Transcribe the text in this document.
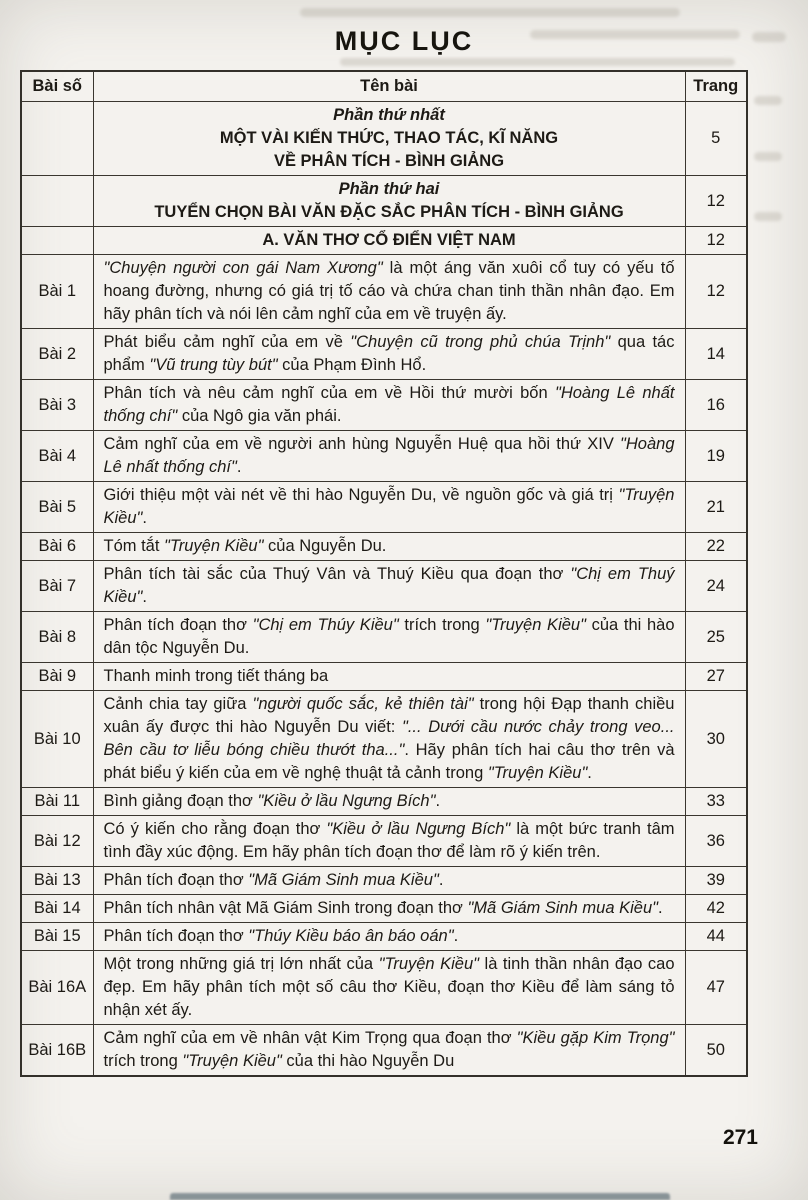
MỤC LỤC
Bài số	Tên bài	Trang

	Phần thứ nhất
MỘT VÀI KIẾN THỨC, THAO TÁC, KĨ NĂNG
VỀ PHÂN TÍCH - BÌNH GIẢNG	5

	Phần thứ hai
TUYỂN CHỌN BÀI VĂN ĐẶC SẮC PHÂN TÍCH - BÌNH GIẢNG	12

	A. VĂN THƠ CỔ ĐIỂN VIỆT NAM	12
Bài 1	"Chuyện người con gái Nam Xương" là một áng văn xuôi cổ tuy có yếu tố hoang đường, nhưng có giá trị tố cáo và chứa chan tinh thần nhân đạo. Em hãy phân tích và nói lên cảm nghĩ của em về truyện ấy.	12
Bài 2	Phát biểu cảm nghĩ của em về "Chuyện cũ trong phủ chúa Trịnh" qua tác phẩm "Vũ trung tùy bút" của Phạm Đình Hổ.	14
Bài 3	Phân tích và nêu cảm nghĩ của em về Hồi thứ mười bốn "Hoàng Lê nhất thống chí" của Ngô gia văn phái.	16
Bài 4	Cảm nghĩ của em về người anh hùng Nguyễn Huệ qua hồi thứ XIV "Hoàng Lê nhất thống chí".	19
Bài 5	Giới thiệu một vài nét về thi hào Nguyễn Du, về nguồn gốc và giá trị "Truyện Kiều".	21
Bài 6	Tóm tắt "Truyện Kiều" của Nguyễn Du.	22
Bài 7	Phân tích tài sắc của Thuý Vân và Thuý Kiều qua đoạn thơ "Chị em Thuý Kiều".	24
Bài 8	Phân tích đoạn thơ "Chị em Thúy Kiều" trích trong "Truyện Kiều" của thi hào dân tộc Nguyễn Du.	25
Bài 9	Thanh minh trong tiết tháng ba	27
Bài 10	Cảnh chia tay giữa "người quốc sắc, kẻ thiên tài" trong hội Đạp thanh chiều xuân ấy được thi hào Nguyễn Du viết: "... Dưới cầu nước chảy trong veo... Bên cầu tơ liễu bóng chiều thướt tha...". Hãy phân tích hai câu thơ trên và phát biểu ý kiến của em về nghệ thuật tả cảnh trong "Truyện Kiều".	30
Bài 11	Bình giảng đoạn thơ "Kiều ở lầu Ngưng Bích".	33
Bài 12	Có ý kiến cho rằng đoạn thơ "Kiều ở lầu Ngưng Bích" là một bức tranh tâm tình đầy xúc động. Em hãy phân tích đoạn thơ để làm rõ ý kiến trên.	36
Bài 13	Phân tích đoạn thơ "Mã Giám Sinh mua Kiều".	39
Bài 14	Phân tích nhân vật Mã Giám Sinh trong đoạn thơ "Mã Giám Sinh mua Kiều".	42
Bài 15	Phân tích đoạn thơ "Thúy Kiều báo ân báo oán".	44
Bài 16A	Một trong những giá trị lớn nhất của "Truyện Kiều" là tinh thần nhân đạo cao đẹp. Em hãy phân tích một số câu thơ Kiều, đoạn thơ Kiều để làm sáng tỏ nhận xét ấy.	47
Bài 16B	Cảm nghĩ của em về nhân vật Kim Trọng qua đoạn thơ "Kiều gặp Kim Trọng" trích trong "Truyện Kiều" của thi hào Nguyễn Du	50
271
